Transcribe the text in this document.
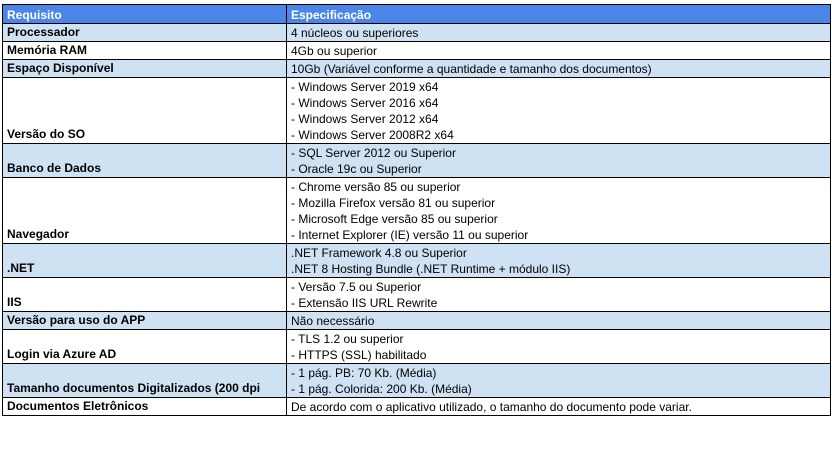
Requisito	Especificação
Processador	4 núcleos ou superiores

Memória RAM	4Gb ou superior

Espaço Disponível	10Gb (Variável conforme a quantidade e tamanho dos documentos)

Versão do SO	- Windows Server 2019 x64
- Windows Server 2016 x64
- Windows Server 2012 x64
- Windows Server 2008R2 x64

Banco de Dados	- SQL Server 2012 ou Superior
- Oracle 19c ou Superior

Navegador	- Chrome versão 85 ou superior
- Mozilla Firefox versão 81 ou superior
- Microsoft Edge versão 85 ou superior
- Internet Explorer (IE) versão 11 ou superior

.NET	.NET Framework 4.8 ou Superior
.NET 8 Hosting Bundle (.NET Runtime + módulo IIS)

IIS	- Versão 7.5 ou Superior
- Extensão IIS URL Rewrite

Versão para uso do APP	Não necessário

Login via Azure AD	- TLS 1.2 ou superior
- HTTPS (SSL) habilitado

Tamanho documentos Digitalizados (200 dpi	- 1 pág. PB: 70 Kb. (Média)
- 1 pág. Colorida: 200 Kb. (Média)

Documentos Eletrônicos	De acordo com o aplicativo utilizado, o tamanho do documento pode variar.
